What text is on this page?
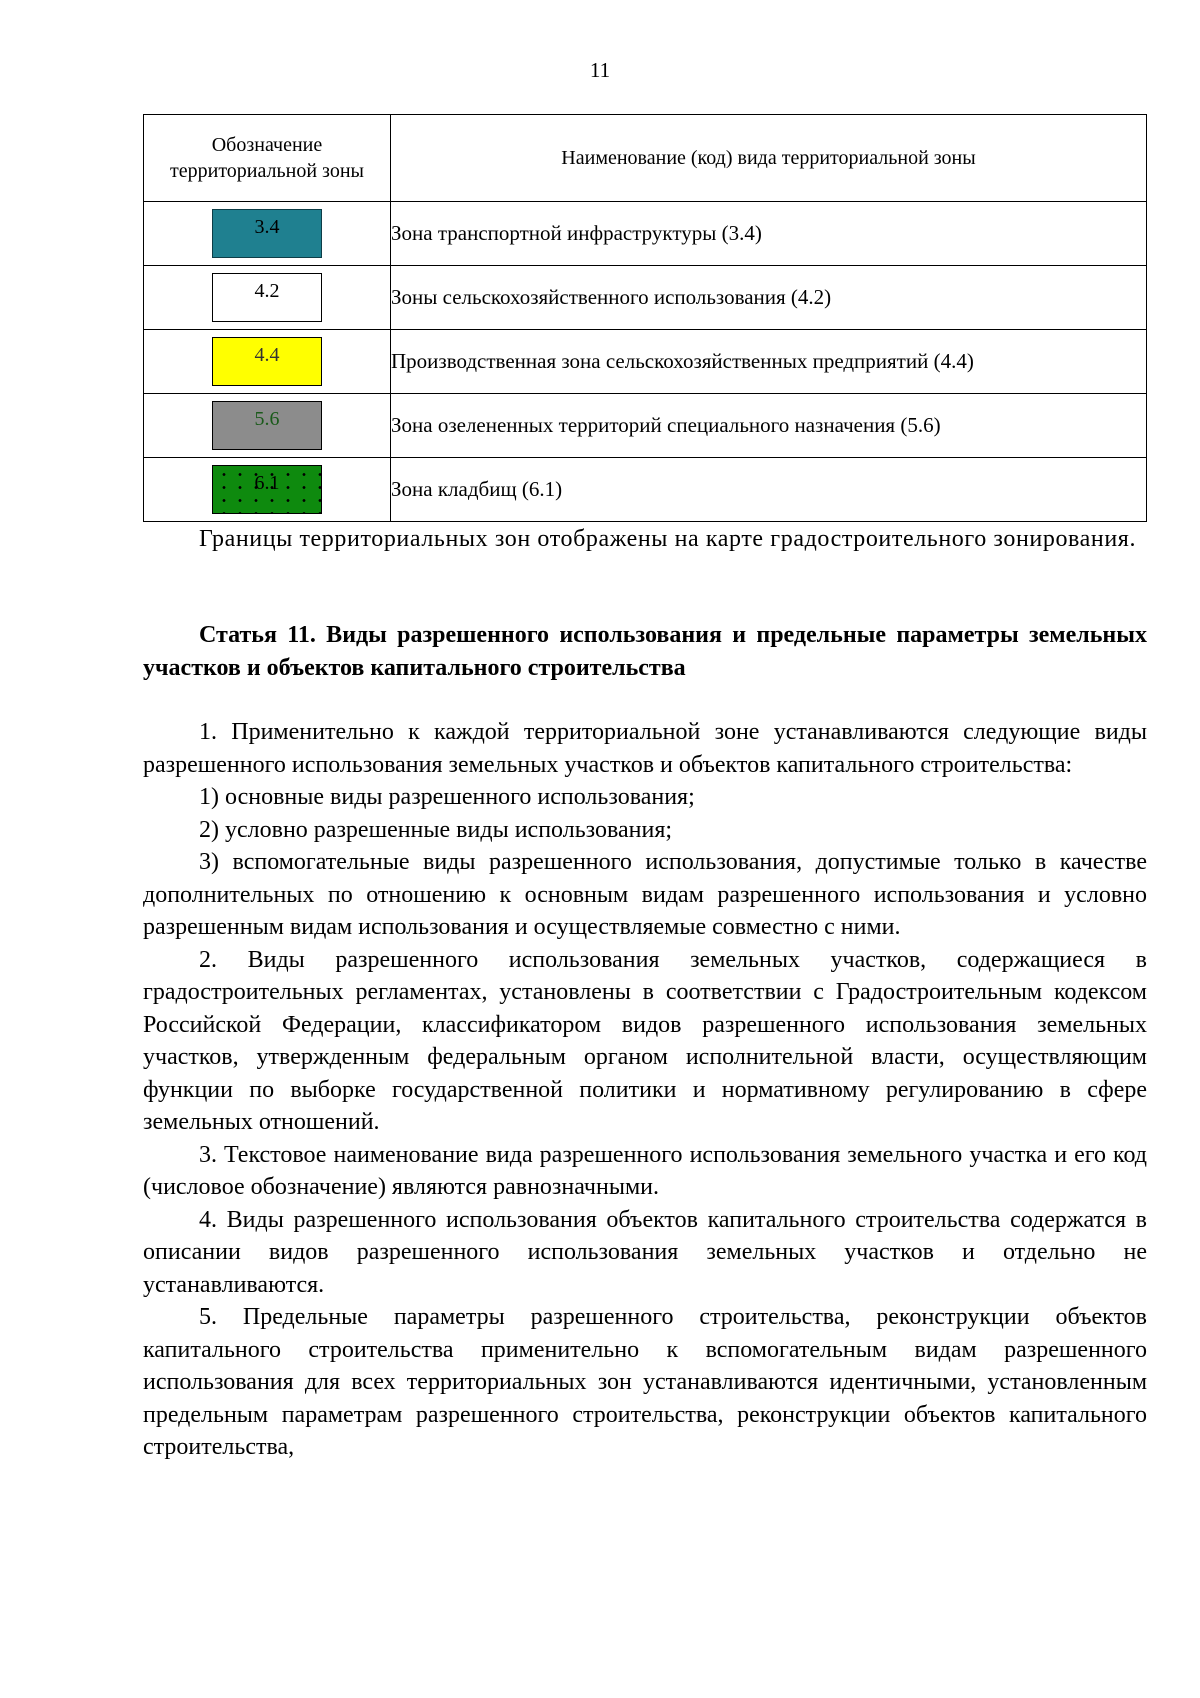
11
Обозначение территориальной зоны	Наименование (код) вида территориальной зоны
3.4	Зона транспортной инфраструктуры (3.4)
4.2	Зоны сельскохозяйственного использования (4.2)
4.4	Производственная зона сельскохозяйственных предприятий (4.4)
5.6	Зона озелененных территорий специального назначения (5.6)
6.1	Зона кладбищ (6.1)

Границы территориальных зон отображены на карте градостроительного зонирования.

Статья 11. Виды разрешенного использования и предельные параметры земельных участков и объектов капитального строительства

1. Применительно к каждой территориальной зоне устанавливаются следующие виды разрешенного использования земельных участков и объектов капитального строительства:

1) основные виды разрешенного использования;

2) условно разрешенные виды использования;

3) вспомогательные виды разрешенного использования, допустимые только в качестве дополнительных по отношению к основным видам разрешенного использования и условно разрешенным видам использования и осуществляемые совместно с ними.

2. Виды разрешенного использования земельных участков, содержащиеся в градостроительных регламентах, установлены в соответствии с Градостроительным кодексом Российской Федерации, классификатором видов разрешенного использования земельных участков, утвержденным федеральным органом исполнительной власти, осуществляющим функции по выборке государственной политики и нормативному регулированию в сфере земельных отношений.

3. Текстовое наименование вида разрешенного использования земельного участка и его код (числовое обозначение) являются равнозначными.

4. Виды разрешенного использования объектов капитального строительства содержатся в описании видов разрешенного использования земельных участков и отдельно не устанавливаются.

5. Предельные параметры разрешенного строительства, реконструкции объектов капитального строительства применительно к вспомогательным видам разрешенного использования для всех территориальных зон устанавливаются идентичными, установленным предельным параметрам разрешенного строительства, реконструкции объектов капитального строительства,
